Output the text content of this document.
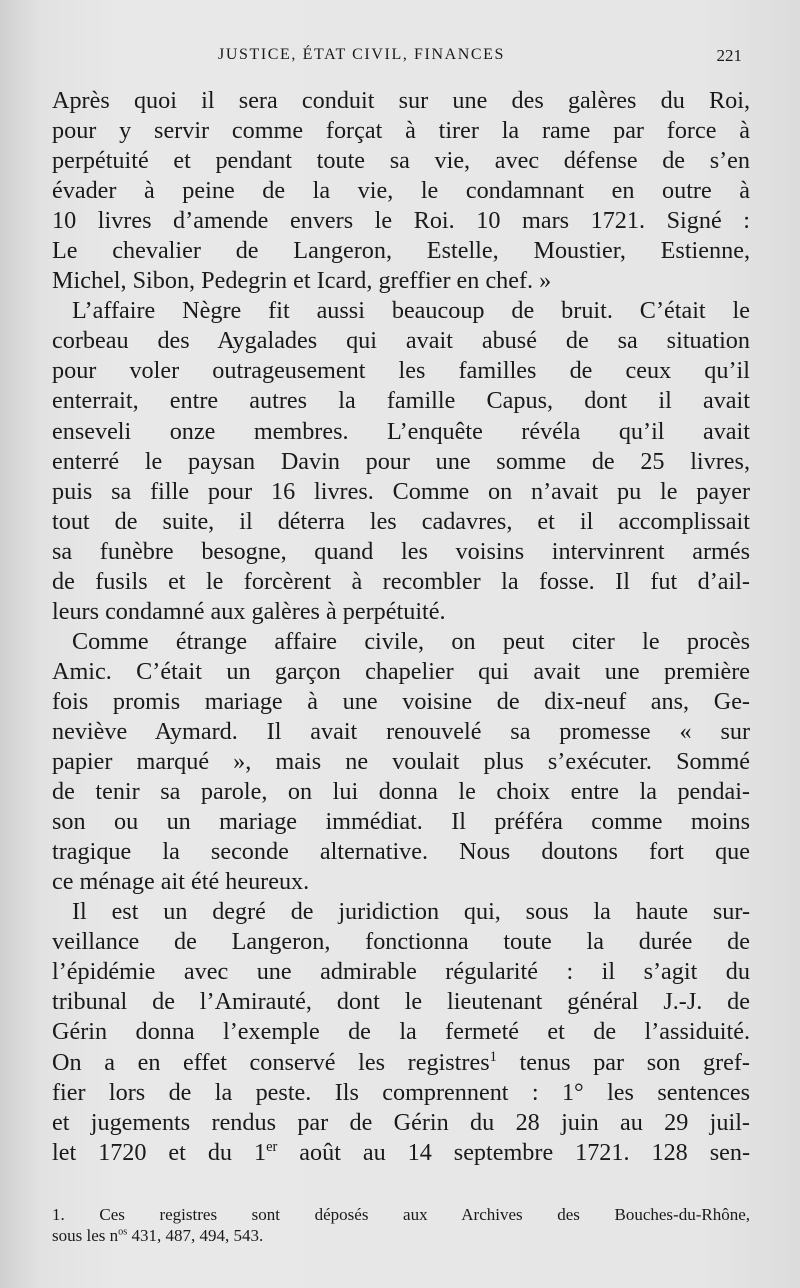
JUSTICE, ÉTAT CIVIL, FINANCES	221
Après quoi il sera conduit sur une des galères du Roi,
pour y servir comme forçat à tirer la rame par force à
perpétuité et pendant toute sa vie, avec défense de s’en
évader à peine de la vie, le condamnant en outre à
10 livres d’amende envers le Roi. 10 mars 1721. Signé :
Le chevalier de Langeron, Estelle, Moustier, Estienne,
Michel, Sibon, Pedegrin et Icard, greffier en chef. »
L’affaire Nègre fit aussi beaucoup de bruit. C’était le
corbeau des Aygalades qui avait abusé de sa situation
pour voler outrageusement les familles de ceux qu’il
enterrait, entre autres la famille Capus, dont il avait
enseveli onze membres. L’enquête révéla qu’il avait
enterré le paysan Davin pour une somme de 25 livres,
puis sa fille pour 16 livres. Comme on n’avait pu le payer
tout de suite, il déterra les cadavres, et il accomplissait
sa funèbre besogne, quand les voisins intervinrent armés
de fusils et le forcèrent à recombler la fosse. Il fut d’ail-
leurs condamné aux galères à perpétuité.
Comme étrange affaire civile, on peut citer le procès
Amic. C’était un garçon chapelier qui avait une première
fois promis mariage à une voisine de dix-neuf ans, Ge-
neviève Aymard. Il avait renouvelé sa promesse « sur
papier marqué », mais ne voulait plus s’exécuter. Sommé
de tenir sa parole, on lui donna le choix entre la pendai-
son ou un mariage immédiat. Il préféra comme moins
tragique la seconde alternative. Nous doutons fort que
ce ménage ait été heureux.
Il est un degré de juridiction qui, sous la haute sur-
veillance de Langeron, fonctionna toute la durée de
l’épidémie avec une admirable régularité : il s’agit du
tribunal de l’Amirauté, dont le lieutenant général J.-J. de
Gérin donna l’exemple de la fermeté et de l’assiduité.
On a en effet conservé les registres$^1$ tenus par son gref-
fier lors de la peste. Ils comprennent : 1° les sentences
et jugements rendus par de Gérin du 28 juin au 29 juil-
let 1720 et du 1er août au 14 septembre 1721. 128 sen-
1. Ces registres sont déposés aux Archives des Bouches-du-Rhône,
sous les $n^{os}$ 431, 487, 494, 543.
